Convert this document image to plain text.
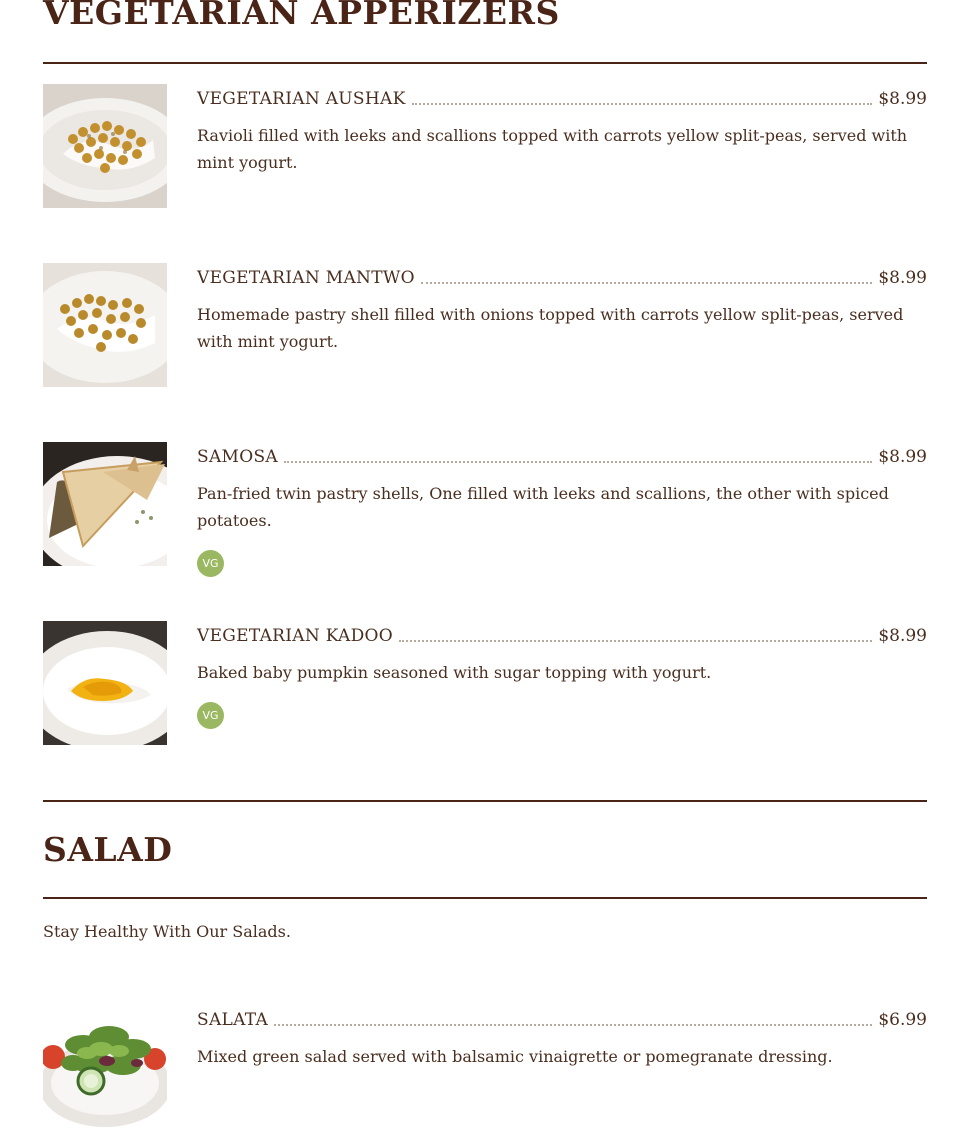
VEGETARIAN APPERIZERS
VEGETARIAN AUSHAK	$8.99

Ravioli filled with leeks and scallions topped with carrots yellow split-peas, served with mint yogurt.

VEGETARIAN MANTWO	$8.99

Homemade pastry shell filled with onions topped with carrots yellow split-peas, served with mint yogurt.

SAMOSA	$8.99

Pan-fried twin pastry shells, One filled with leeks and scallions, the other with spiced potatoes.

VG
VEGETARIAN KADOO	$8.99

Baked baby pumpkin seasoned with sugar topping with yogurt.

VG
SALAD

Stay Healthy With Our Salads.

SALATA	$6.99

Mixed green salad served with balsamic vinaigrette or pomegranate dressing.
